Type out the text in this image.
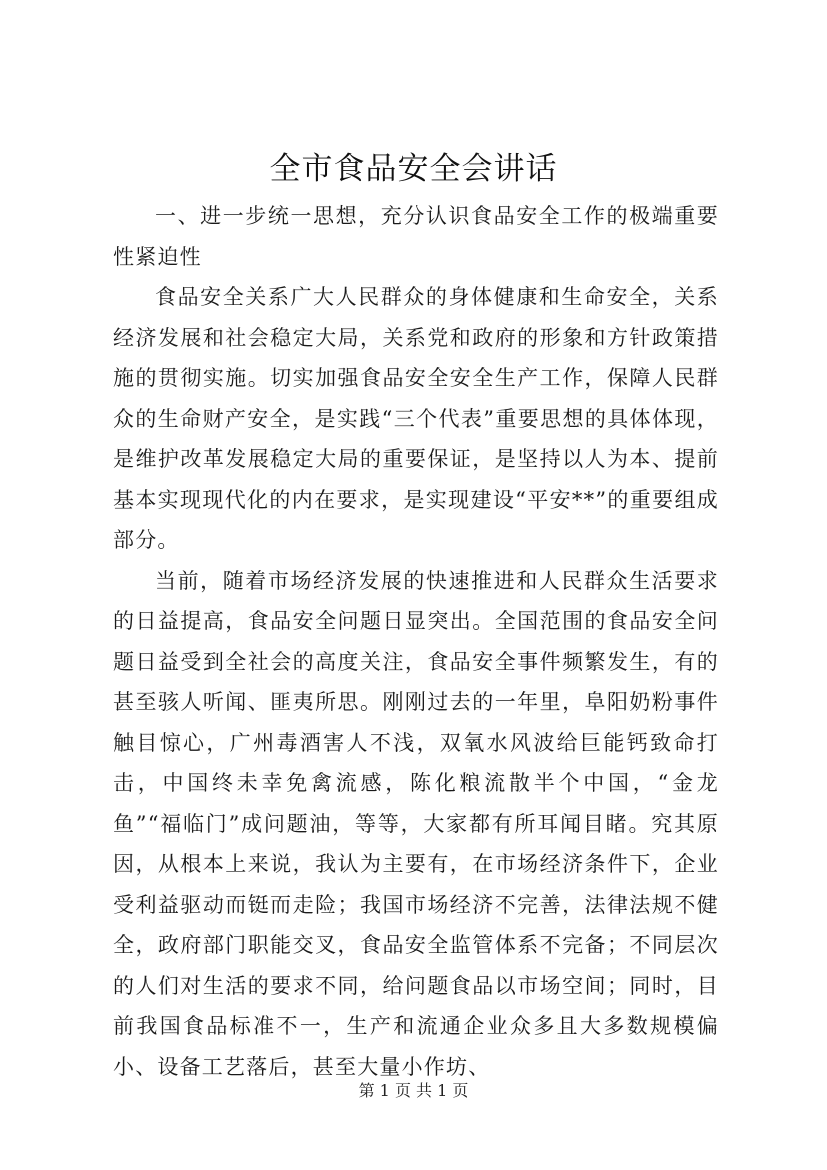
全市食品安全会讲话

一、进一步统一思想，充分认识食品安全工作的极端重要性紧迫性

食品安全关系广大人民群众的身体健康和生命安全，关系经济发展和社会稳定大局，关系党和政府的形象和方针政策措施的贯彻实施。切实加强食品安全安全生产工作，保障人民群众的生命财产安全，是实践“三个代表”重要思想的具体体现，是维护改革发展稳定大局的重要保证，是坚持以人为本、提前基本实现现代化的内在要求，是实现建设“平安**”的重要组成部分。

当前，随着市场经济发展的快速推进和人民群众生活要求的日益提高，食品安全问题日显突出。全国范围的食品安全问题日益受到全社会的高度关注，食品安全事件频繁发生，有的甚至骇人听闻、匪夷所思。刚刚过去的一年里，阜阳奶粉事件触目惊心，广州毒酒害人不浅，双氧水风波给巨能钙致命打击，中国终未幸免禽流感，陈化粮流散半个中国，“金龙鱼”“福临门”成问题油，等等，大家都有所耳闻目睹。究其原因，从根本上来说，我认为主要有，在市场经济条件下，企业受利益驱动而铤而走险；我国市场经济不完善，法律法规不健全，政府部门职能交叉，食品安全监管体系不完备；不同层次的人们对生活的要求不同，给问题食品以市场空间；同时，目前我国食品标准不一，生产和流通企业众多且大多数规模偏小、设备工艺落后，甚至大量小作坊、

第 1 页 共 1 页
